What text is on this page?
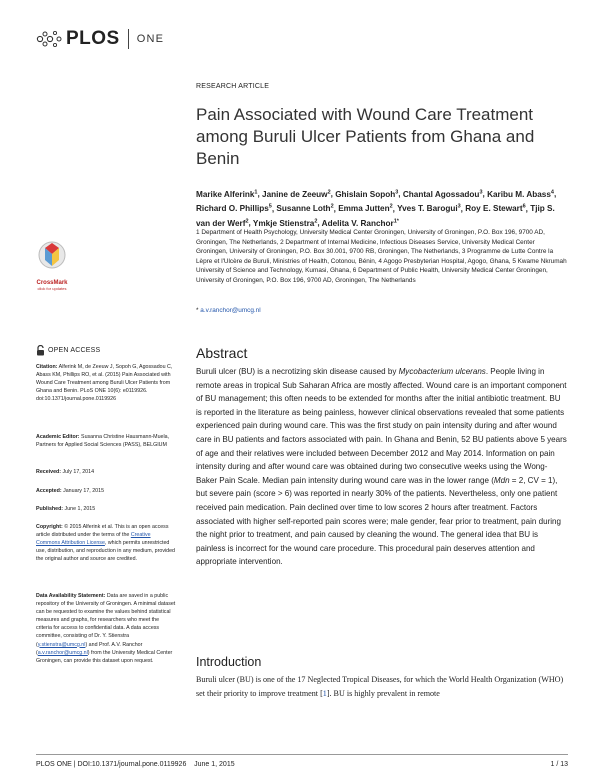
PLOS ONE
RESEARCH ARTICLE
Pain Associated with Wound Care Treatment among Buruli Ulcer Patients from Ghana and Benin
Marike Alferink$^1$, Janine de Zeeuw$^2$, Ghislain Sopoh$^3$, Chantal Agossadou$^3$, Karibu M. Abass$^4$, Richard O. Phillips$^5$, Susanne Loth$^2$, Emma Jutten$^2$, Yves T. Barogui$^3$, Roy E. Stewart$^6$, Tjip S. van der Werf$^2$, Ymkje Stienstra$^2$, Adelita V. Ranchor$^{1*}$
1 Department of Health Psychology, University Medical Center Groningen, University of Groningen, P.O. Box 196, 9700 AD, Groningen, The Netherlands, 2 Department of Internal Medicine, Infectious Diseases Service, University Medical Center Groningen, University of Groningen, P.O. Box 30.001, 9700 RB, Groningen, The Netherlands, 3 Programme de Lutte Contre la Lèpre et l'Ulcère de Buruli, Ministries of Health, Cotonou, Bénin, 4 Agogo Presbyterian Hospital, Agogo, Ghana, 5 Kwame Nkrumah University of Science and Technology, Kumasi, Ghana, 6 Department of Public Health, University Medical Center Groningen, University of Groningen, P.O. Box 196, 9700 AD, Groningen, The Netherlands
* a.v.ranchor@umcg.nl
Abstract

Buruli ulcer (BU) is a necrotizing skin disease caused by Mycobacterium ulcerans. People living in remote areas in tropical Sub Saharan Africa are mostly affected. Wound care is an important component of BU management; this often needs to be extended for months after the initial antibiotic treatment. BU is reported in the literature as being painless, however clinical observations revealed that some patients experienced pain during wound care. This was the first study on pain intensity during and after wound care in BU patients and factors associated with pain. In Ghana and Benin, 52 BU patients above 5 years of age and their relatives were included between December 2012 and May 2014. Information on pain intensity during and after wound care was obtained during two consecutive weeks using the Wong-Baker Pain Scale. Median pain intensity during wound care was in the lower range (Mdn = 2, CV = 1), but severe pain (score > 6) was reported in nearly 30% of the patients. Nevertheless, only one patient received pain medication. Pain declined over time to low scores 2 hours after treatment. Factors associated with higher self-reported pain scores were; male gender, fear prior to treatment, pain during the night prior to treatment, and pain caused by cleaning the wound. The general idea that BU is painless is incorrect for the wound care procedure. This procedural pain deserves attention and appropriate intervention.

Introduction

Buruli ulcer (BU) is one of the 17 Neglected Tropical Diseases, for which the World Health Organization (WHO) set their priority to improve treatment [1]. BU is highly prevalent in remote

CrossMark
click for updates
OPEN ACCESS
Citation: Alferink M, de Zeeuw J, Sopoh G, Agossadou C, Abass KM, Phillips RO, et al. (2015) Pain Associated with Wound Care Treatment among Buruli Ulcer Patients from Ghana and Benin. PLoS ONE 10(6): e0119926. doi:10.1371/journal.pone.0119926
Academic Editor: Susanna Christine Hausmann-Muela, Partners for Applied Social Sciences (PASS), BELGIUM
Received: July 17, 2014
Accepted: January 17, 2015
Published: June 1, 2015
Copyright: © 2015 Alferink et al. This is an open access article distributed under the terms of the Creative Commons Attribution License, which permits unrestricted use, distribution, and reproduction in any medium, provided the original author and source are credited.
Data Availability Statement: Data are saved in a public repository of the University of Groningen. A minimal dataset can be requested to examine the values behind statistical measures and graphs, for researchers who meet the criteria for access to confidential data. A data access committee, consisting of Dr. Y. Stienstra (y.stienstra@umcg.nl) and Prof. A.V. Ranchor (a.v.ranchor@umcg.nl) from the University Medical Center Groningen, can provide this dataset upon request.
PLOS ONE | DOI:10.1371/journal.pone.0119926    June 1, 2015	1 / 13
